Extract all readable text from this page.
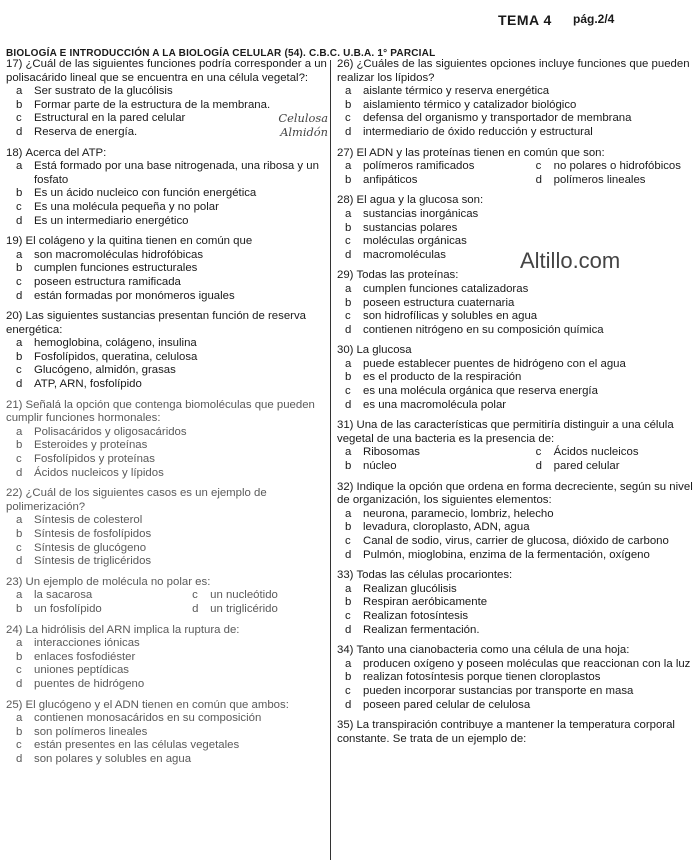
TEMA 4 pág.2/4
BIOLOGÍA E INTRODUCCIÓN A LA BIOLOGÍA CELULAR (54). C.B.C. U.B.A. 1° PARCIAL
Altillo.com
17) ¿Cuál de las siguientes funciones podría corresponder a un polisacárido lineal que se encuentra en una célula vegetal?:
a	Ser sustrato de la glucólisis
b	Formar parte de la estructura de la membrana.
c	Estructural en la pared celular	Celulosa
d	Reserva de energía.	Almidón
18) Acerca del ATP:
a	Está formado por una base nitrogenada, una ribosa y un fosfato
b	Es un ácido nucleico con función energética
c	Es una molécula pequeña y no polar
d	Es un intermediario energético
19) El colágeno y la quitina tienen en común que
a	son macromoléculas hidrofóbicas
b	cumplen funciones estructurales
c	poseen estructura ramificada
d	están formadas por monómeros iguales
20) Las siguientes sustancias presentan función de reserva energética:
a	hemoglobina, colágeno, insulina
b	Fosfolípidos, queratina, celulosa
c	Glucógeno, almidón, grasas
d	ATP, ARN, fosfolípido
21) Señalá la opción que contenga biomoléculas que pueden cumplir funciones hormonales:
a	Polisacáridos y oligosacáridos
b	Esteroides y proteínas
c	Fosfolípidos y proteínas
d	Ácidos nucleicos y lípidos
22) ¿Cuál de los siguientes casos es un ejemplo de polimerización?
a	Síntesis de colesterol
b	Síntesis de fosfolípidos
c	Síntesis de glucógeno
d	Síntesis de triglicéridos
23) Un ejemplo de molécula no polar es:
a	la sacarosa	c	un nucleótido
b	un fosfolípido	d	un triglicérido
24) La hidrólisis del ARN implica la ruptura de:
a	interacciones iónicas
b	enlaces fosfodiéster
c	uniones peptídicas
d	puentes de hidrógeno
25) El glucógeno y el ADN tienen en común que ambos:
a	contienen monosacáridos en su composición
b	son polímeros lineales
c	están presentes en las células vegetales
d	son polares y solubles en agua
26) ¿Cuáles de las siguientes opciones incluye funciones que pueden realizar los lípidos?
a	aislante térmico y reserva energética
b	aislamiento térmico y catalizador biológico
c	defensa del organismo y transportador de membrana
d	intermediario de óxido reducción y estructural
27) El ADN y las proteínas tienen en común que son:
a	polímeros ramificados	c	no polares o hidrofóbicos
b	anfipáticos	d	polímeros lineales
28) El agua y la glucosa son:
a	sustancias inorgánicas
b	sustancias polares
c	moléculas orgánicas
d	macromoléculas
29) Todas las proteínas:
a	cumplen funciones catalizadoras
b	poseen estructura cuaternaria
c	son hidrofílicas y solubles en agua
d	contienen nitrógeno en su composición química
30) La glucosa
a	puede establecer puentes de hidrógeno con el agua
b	es el producto de la respiración
c	es una molécula orgánica que reserva energía
d	es una macromolécula polar
31) Una de las características que permitiría distinguir a una célula vegetal de una bacteria es la presencia de:
a	Ribosomas	c	Ácidos nucleicos
b	núcleo	d	pared celular
32) Indique la opción que ordena en forma decreciente, según su nivel de organización, los siguientes elementos:
a	neurona, paramecio, lombriz, helecho
b	levadura, cloroplasto, ADN, agua
c	Canal de sodio, virus, carrier de glucosa, dióxido de carbono
d	Pulmón, mioglobina, enzima de la fermentación, oxígeno
33) Todas las células procariontes:
a	Realizan glucólisis
b	Respiran aeróbicamente
c	Realizan fotosíntesis
d	Realizan fermentación.
34) Tanto una cianobacteria como una célula de una hoja:
a	producen oxígeno y poseen moléculas que reaccionan con la luz
b	realizan fotosíntesis porque tienen cloroplastos
c	pueden incorporar sustancias por transporte en masa
d	poseen pared celular de celulosa
35) La transpiración contribuye a mantener la temperatura corporal constante. Se trata de un ejemplo de:
